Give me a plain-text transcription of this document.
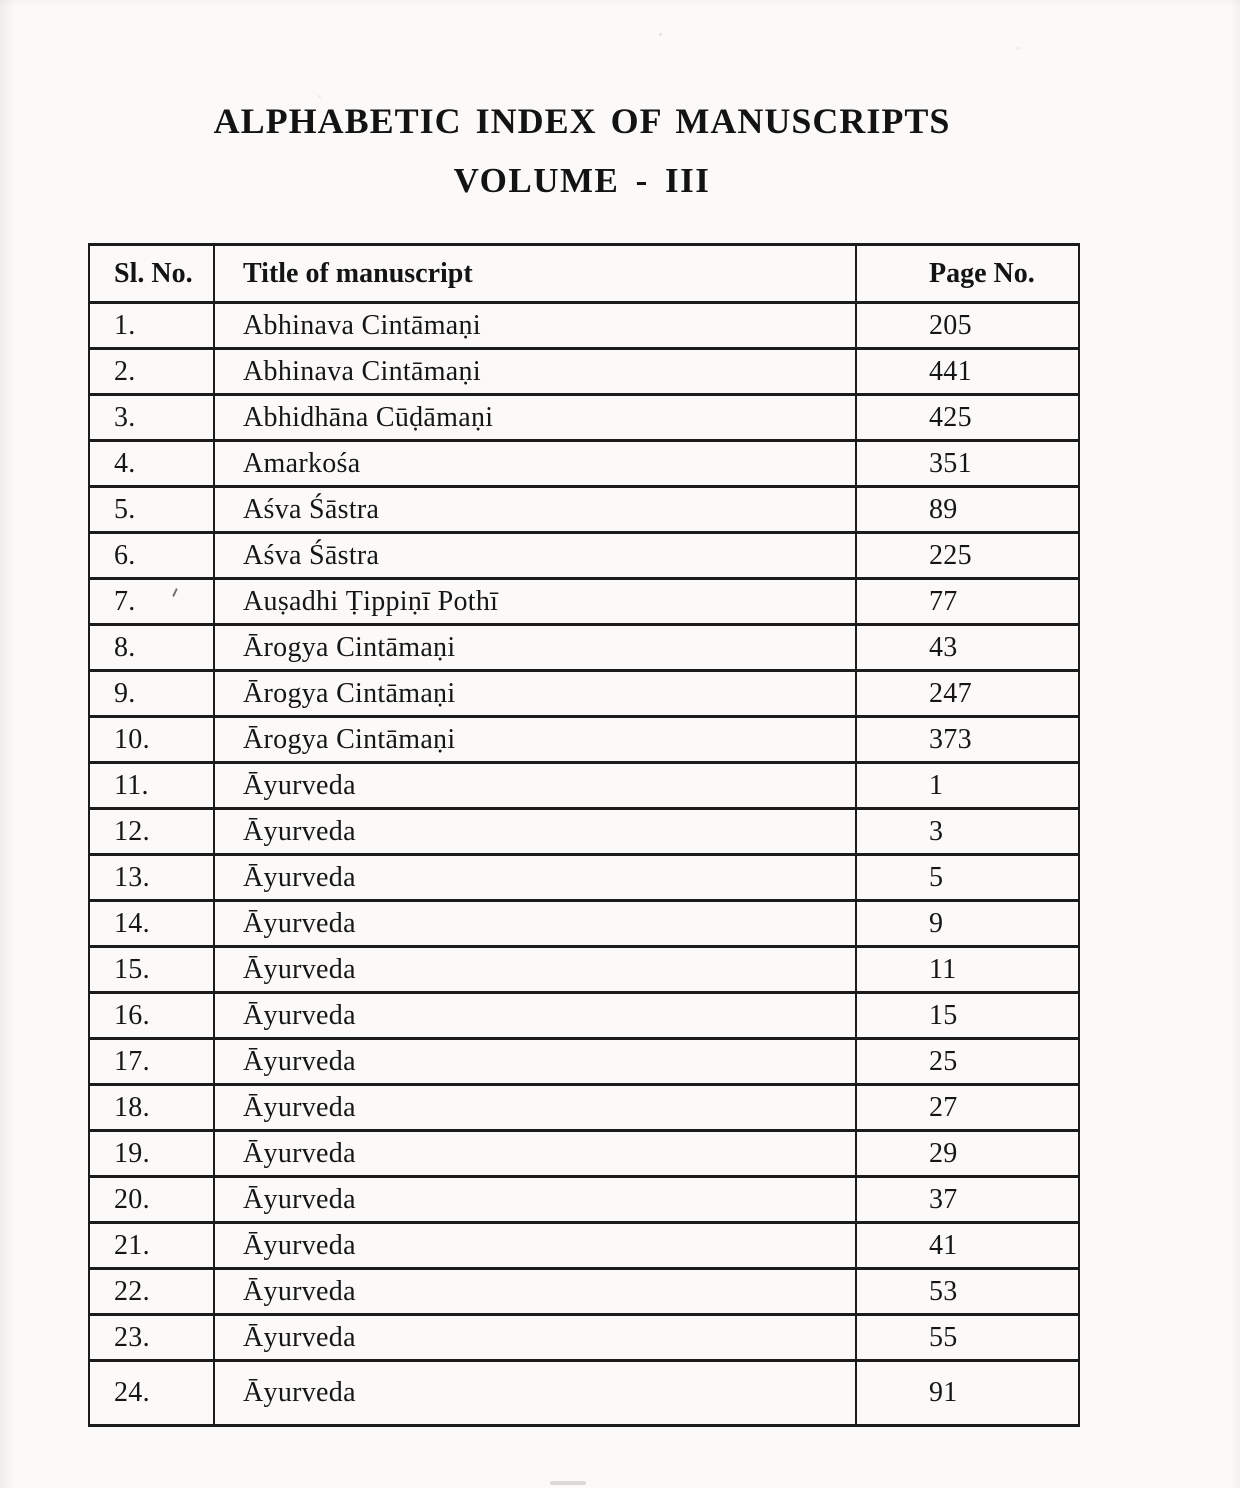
ALPHABETIC INDEX OF MANUSCRIPTS
VOLUME - III
Sl. No.	Title of manuscript	Page No.
1.	Abhinava Cintāmaṇi	205
2.	Abhinava Cintāmaṇi	441
3.	Abhidhāna Cūḍāmaṇi	425
4.	Amarkośa	351
5.	Aśva Śāstra	89
6.	Aśva Śāstra	225
7.	Auṣadhi Ṭippiṇī Pothī	77
8.	Ārogya Cintāmaṇi	43
9.	Ārogya Cintāmaṇi	247
10.	Ārogya Cintāmaṇi	373
11.	Āyurveda	1
12.	Āyurveda	3
13.	Āyurveda	5
14.	Āyurveda	9
15.	Āyurveda	11
16.	Āyurveda	15
17.	Āyurveda	25
18.	Āyurveda	27
19.	Āyurveda	29
20.	Āyurveda	37
21.	Āyurveda	41
22.	Āyurveda	53
23.	Āyurveda	55
24.	Āyurveda	91
